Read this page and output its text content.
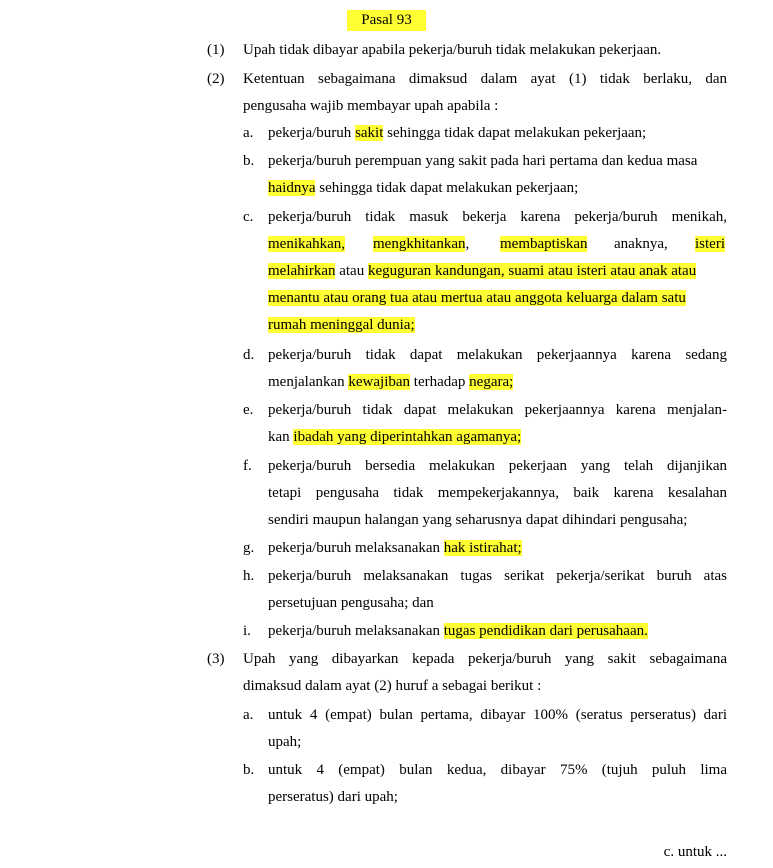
Pasal 93
(1) Upah tidak dibayar apabila pekerja/buruh tidak melakukan pekerjaan.
(2) Ketentuan sebagaimana dimaksud dalam ayat (1) tidak berlaku, dan
pengusaha wajib membayar upah apabila :
a. pekerja/buruh sakit sehingga tidak dapat melakukan pekerjaan;
b. pekerja/buruh perempuan yang sakit pada hari pertama dan kedua masa
haidnya sehingga tidak dapat melakukan pekerjaan;
c. pekerja/buruh tidak masuk bekerja karena pekerja/buruh menikah,
menikahkan, mengkhitankan, membaptiskan anaknya, isteri
melahirkan atau keguguran kandungan, suami atau isteri atau anak atau
menantu atau orang tua atau mertua atau anggota keluarga dalam satu
rumah meninggal dunia;
d. pekerja/buruh tidak dapat melakukan pekerjaannya karena sedang
menjalankan kewajiban terhadap negara;
e. pekerja/buruh tidak dapat melakukan pekerjaannya karena menjalan-
kan ibadah yang diperintahkan agamanya;
f. pekerja/buruh bersedia melakukan pekerjaan yang telah dijanjikan
tetapi pengusaha tidak mempekerjakannya, baik karena kesalahan
sendiri maupun halangan yang seharusnya dapat dihindari pengusaha;
g. pekerja/buruh melaksanakan hak istirahat;
h. pekerja/buruh melaksanakan tugas serikat pekerja/serikat buruh atas
persetujuan pengusaha; dan
i. pekerja/buruh melaksanakan tugas pendidikan dari perusahaan.
(3) Upah yang dibayarkan kepada pekerja/buruh yang sakit sebagaimana
dimaksud dalam ayat (2) huruf a sebagai berikut :
a. untuk 4 (empat) bulan pertama, dibayar 100% (seratus perseratus) dari
upah;
b. untuk 4 (empat) bulan kedua, dibayar 75% (tujuh puluh lima
perseratus) dari upah;
c. untuk ...
